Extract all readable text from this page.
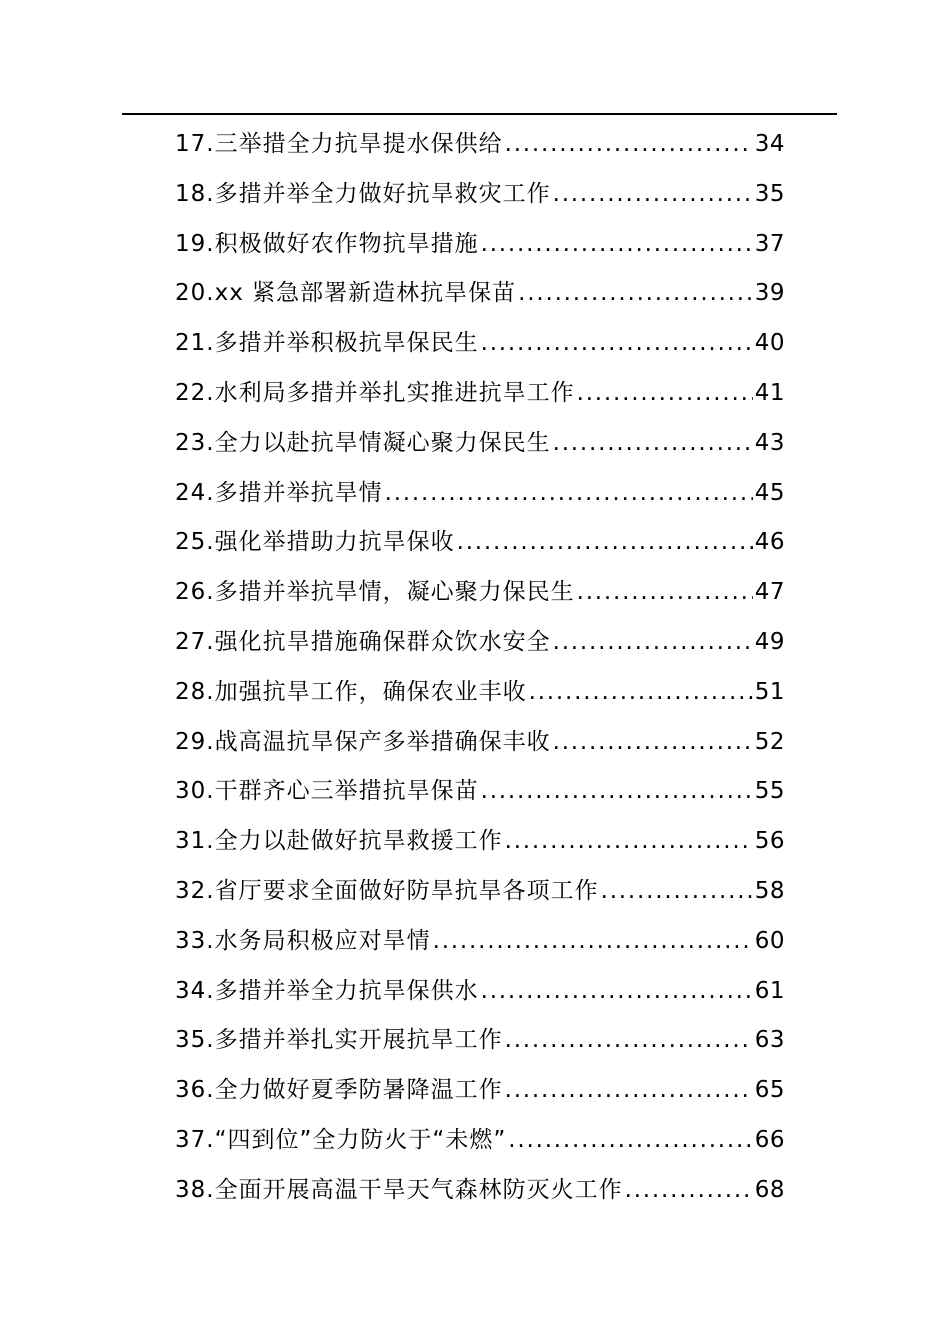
17.三举措全力抗旱提水保供给 .....	34
18.多措并举全力做好抗旱救灾工作 .....	35
19.积极做好农作物抗旱措施 .....	37
20.xx 紧急部署新造林抗旱保苗 .....	39
21.多措并举积极抗旱保民生 .....	40
22.水利局多措并举扎实推进抗旱工作 .....	41
23.全力以赴抗旱情凝心聚力保民生 .....	43
24.多措并举抗旱情 .....	45
25.强化举措助力抗旱保收 .....	46
26.多措并举抗旱情，凝心聚力保民生 .....	47
27.强化抗旱措施确保群众饮水安全 .....	49
28.加强抗旱工作，确保农业丰收 .....	51
29.战高温抗旱保产多举措确保丰收 .....	52
30.干群齐心三举措抗旱保苗 .....	55
31.全力以赴做好抗旱救援工作 .....	56
32.省厅要求全面做好防旱抗旱各项工作 .....	58
33.水务局积极应对旱情 .....	60
34.多措并举全力抗旱保供水 .....	61
35.多措并举扎实开展抗旱工作 .....	63
36.全力做好夏季防暑降温工作 .....	65
37.“四到位”全力防火于“未燃” .....	66
38.全面开展高温干旱天气森林防灭火工作 .....	68
